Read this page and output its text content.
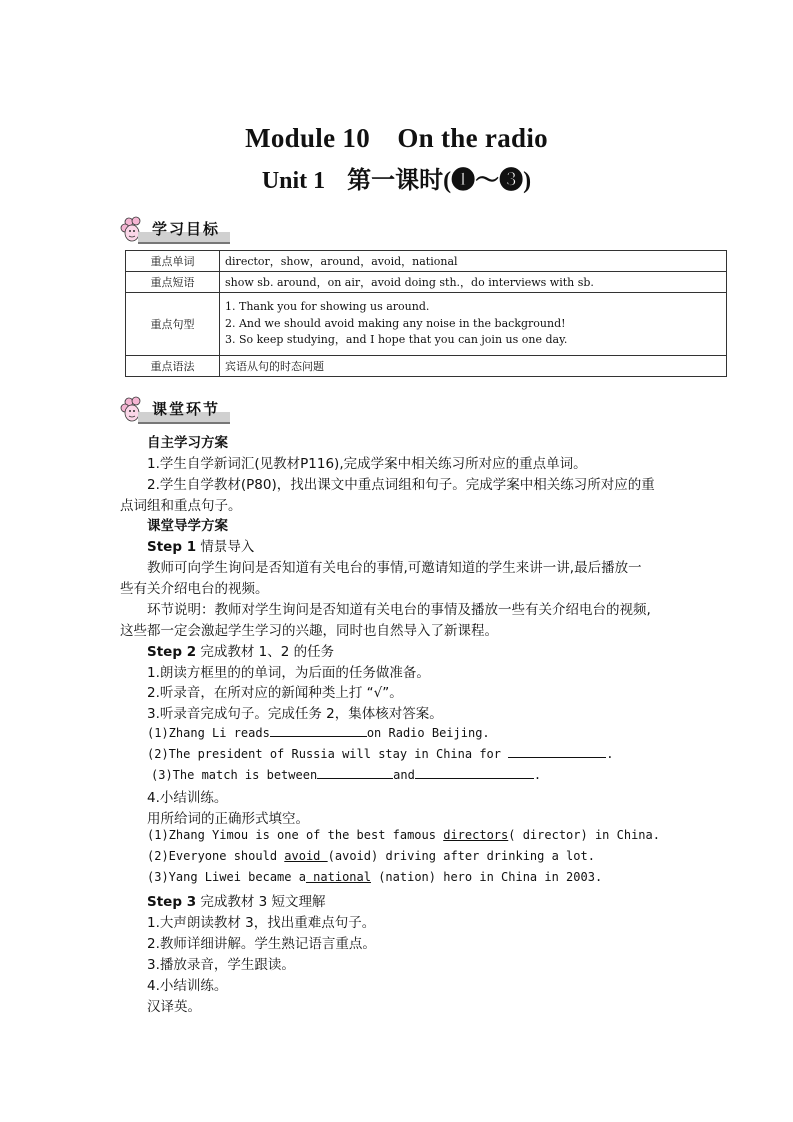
Module 10　On the radio
Unit 1 第一课时(❶～❸)
学习目标
重点单词	director，show，around，avoid，national
重点短语	show sb. around，on air，avoid doing sth.，do interviews with sb.
重点句型	1. Thank you for showing us around.
2. And we should avoid making any noise in the background!
3. So keep studying，and I hope that you can join us one day.

重点语法	宾语从句的时态问题
课堂环节
自主学习方案
1.学生自学新词汇(见教材P116),完成学案中相关练习所对应的重点单词。
2.学生自学教材(P80)，找出课文中重点词组和句子。完成学案中相关练习所对应的重
点词组和重点句子。
课堂导学方案
Step 1 情景导入
教师可向学生询问是否知道有关电台的事情,可邀请知道的学生来讲一讲,最后播放一
些有关介绍电台的视频。
环节说明：教师对学生询问是否知道有关电台的事情及播放一些有关介绍电台的视频,
这些都一定会激起学生学习的兴趣，同时也自然导入了新课程。
Step 2 完成教材 1、2 的任务
1.朗读方框里的的单词，为后面的任务做准备。
2.听录音，在所对应的新闻种类上打 “√”。
3.听录音完成句子。完成任务 2，集体核对答案。
(1)Zhang Li reads	on Radio Beijing.
(2)The president of Russia will stay in China for	.
(3)The match is between	and	.
4.小结训练。
用所给词的正确形式填空。
(1)Zhang Yimou is one of the best famous directors( director) in China.
(2)Everyone should avoid (avoid) driving after drinking a lot.
(3)Yang Liwei became a national (nation) hero in China in 2003.
Step 3 完成教材 3 短文理解
1.大声朗读教材 3，找出重难点句子。
2.教师详细讲解。学生熟记语言重点。
3.播放录音，学生跟读。
4.小结训练。
汉译英。
